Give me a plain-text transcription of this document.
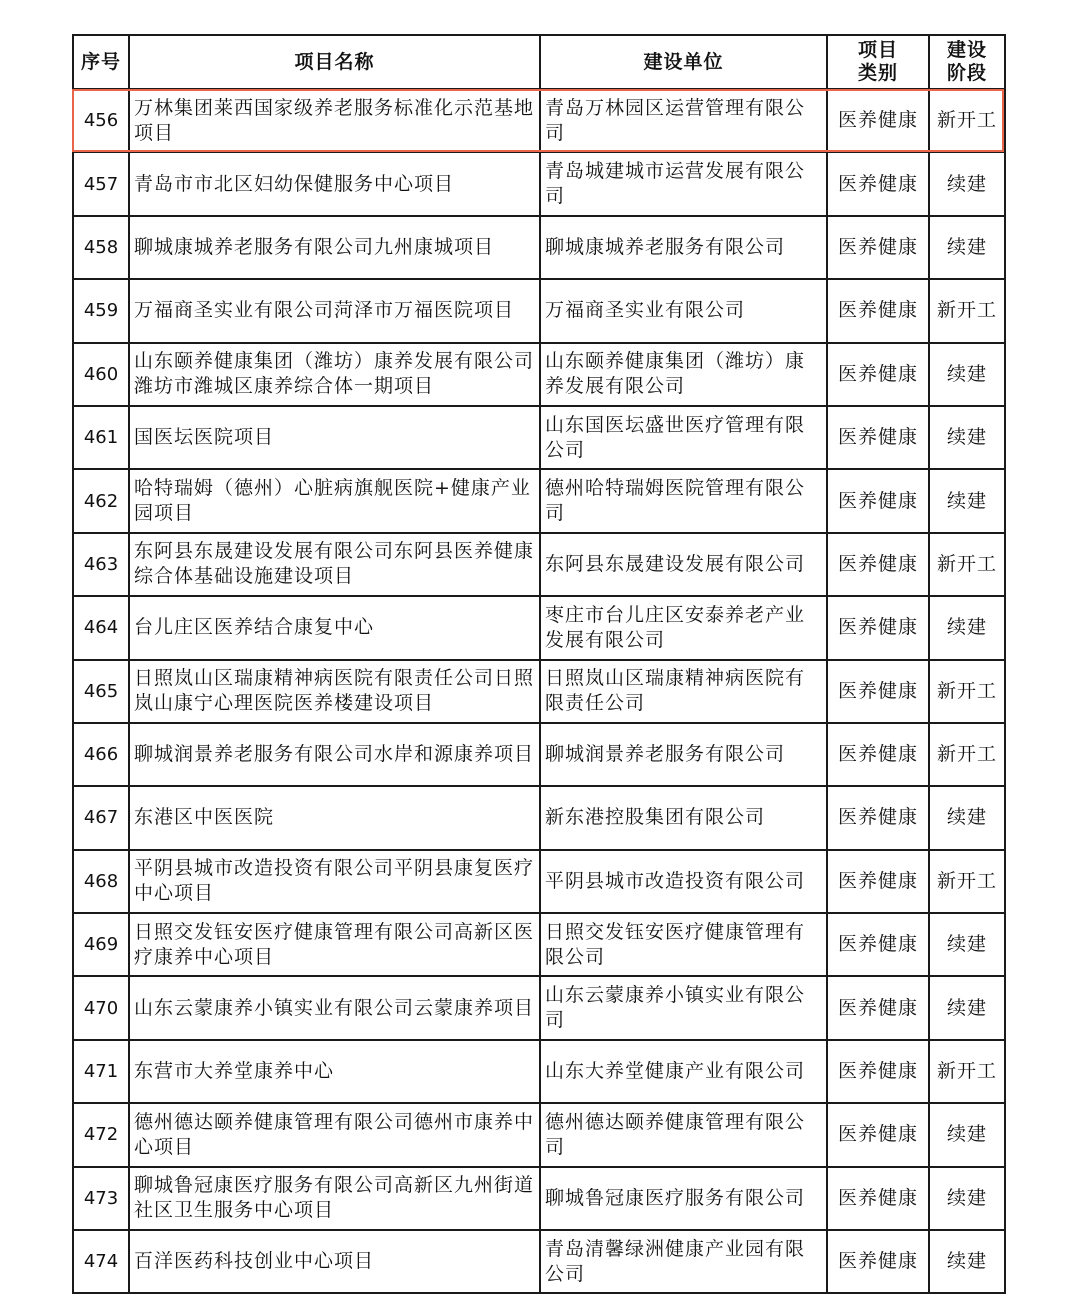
序号	项目名称	建设单位	项目类别	建设阶段
456	万林集团莱西国家级养老服务标准化示范基地项目	青岛万林园区运营管理有限公司	医养健康	新开工
457	青岛市市北区妇幼保健服务中心项目	青岛城建城市运营发展有限公司	医养健康	续建
458	聊城康城养老服务有限公司九州康城项目	聊城康城养老服务有限公司	医养健康	续建
459	万福商圣实业有限公司菏泽市万福医院项目	万福商圣实业有限公司	医养健康	新开工
460	山东颐养健康集团（潍坊）康养发展有限公司潍坊市潍城区康养综合体一期项目	山东颐养健康集团（潍坊）康养发展有限公司	医养健康	续建
461	国医坛医院项目	山东国医坛盛世医疗管理有限公司	医养健康	续建
462	哈特瑞姆（德州）心脏病旗舰医院+健康产业园项目	德州哈特瑞姆医院管理有限公司	医养健康	续建
463	东阿县东晟建设发展有限公司东阿县医养健康综合体基础设施建设项目	东阿县东晟建设发展有限公司	医养健康	新开工
464	台儿庄区医养结合康复中心	枣庄市台儿庄区安泰养老产业发展有限公司	医养健康	续建
465	日照岚山区瑞康精神病医院有限责任公司日照岚山康宁心理医院医养楼建设项目	日照岚山区瑞康精神病医院有限责任公司	医养健康	新开工
466	聊城润景养老服务有限公司水岸和源康养项目	聊城润景养老服务有限公司	医养健康	新开工
467	东港区中医医院	新东港控股集团有限公司	医养健康	续建
468	平阴县城市改造投资有限公司平阴县康复医疗中心项目	平阴县城市改造投资有限公司	医养健康	新开工
469	日照交发钰安医疗健康管理有限公司高新区医疗康养中心项目	日照交发钰安医疗健康管理有限公司	医养健康	续建
470	山东云蒙康养小镇实业有限公司云蒙康养项目	山东云蒙康养小镇实业有限公司	医养健康	续建
471	东营市大养堂康养中心	山东大养堂健康产业有限公司	医养健康	新开工
472	德州德达颐养健康管理有限公司德州市康养中心项目	德州德达颐养健康管理有限公司	医养健康	续建
473	聊城鲁冠康医疗服务有限公司高新区九州街道社区卫生服务中心项目	聊城鲁冠康医疗服务有限公司	医养健康	续建
474	百洋医药科技创业中心项目	青岛清馨绿洲健康产业园有限公司	医养健康	续建
